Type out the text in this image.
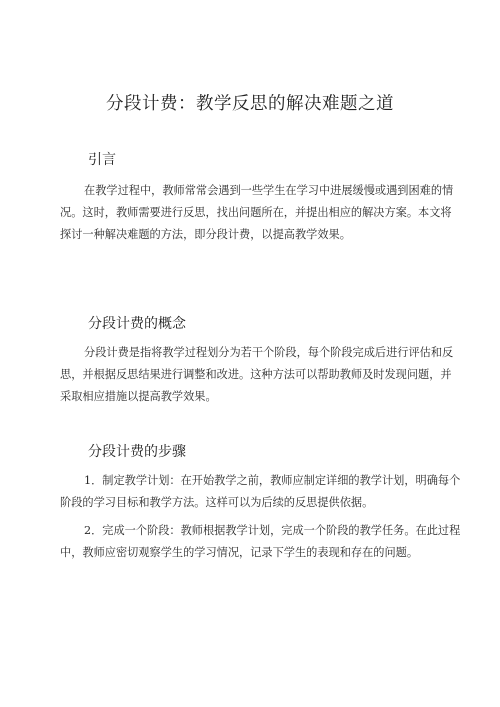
分段计费：教学反思的解决难题之道
引言

在教学过程中，教师常常会遇到一些学生在学习中进展缓慢或遇到困难的情况。这时，教师需要进行反思，找出问题所在，并提出相应的解决方案。本文将探讨一种解决难题的方法，即分段计费，以提高教学效果。

分段计费的概念

分段计费是指将教学过程划分为若干个阶段，每个阶段完成后进行评估和反思，并根据反思结果进行调整和改进。这种方法可以帮助教师及时发现问题，并采取相应措施以提高教学效果。

分段计费的步骤

1．制定教学计划：在开始教学之前，教师应制定详细的教学计划，明确每个阶段的学习目标和教学方法。这样可以为后续的反思提供依据。

2．完成一个阶段：教师根据教学计划，完成一个阶段的教学任务。在此过程中，教师应密切观察学生的学习情况，记录下学生的表现和存在的问题。
